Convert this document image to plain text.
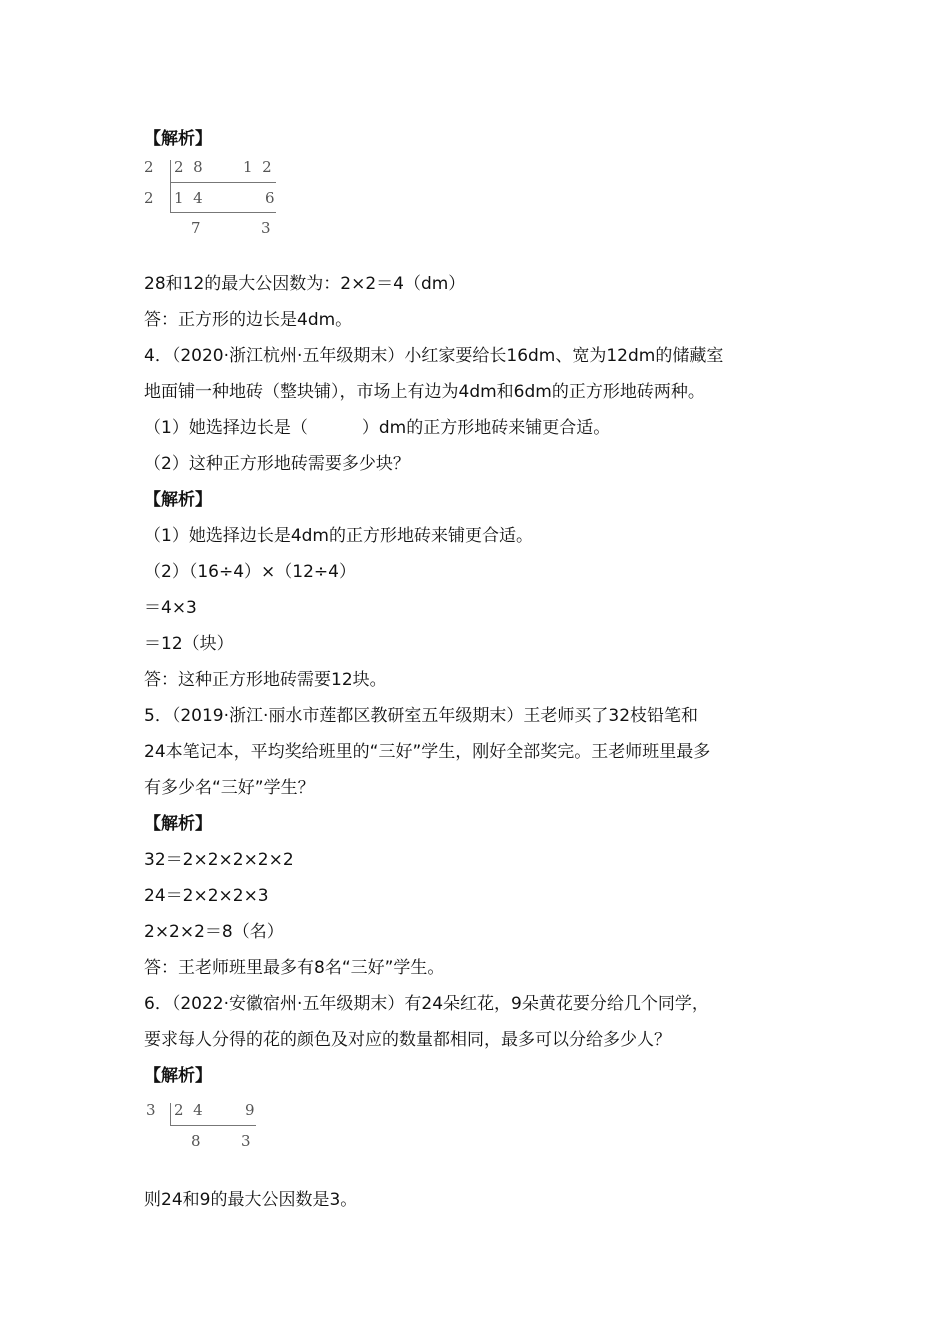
【解析】
2 2  8	1  2
2 1  4	6
7	3
28和12的最大公因数为：2×2＝4（dm）
答：正方形的边长是4dm。
4．（2020·浙江杭州·五年级期末）小红家要给长16dm、宽为12dm的储藏室
地面铺一种地砖（整块铺），市场上有边为4dm和6dm的正方形地砖两种。
（1）她选择边长是（          ）dm的正方形地砖来铺更合适。
（2）这种正方形地砖需要多少块？
【解析】
（1）她选择边长是4dm的正方形地砖来铺更合适。
（2）（16÷4）×（12÷4）
＝4×3
＝12（块）
答：这种正方形地砖需要12块。
5．（2019·浙江·丽水市莲都区教研室五年级期末）王老师买了32枝铅笔和
24本笔记本，平均奖给班里的“三好”学生，刚好全部奖完。王老师班里最多
有多少名“三好”学生？
【解析】
32＝2×2×2×2×2
24＝2×2×2×3
2×2×2＝8（名）
答：王老师班里最多有8名“三好”学生。
6．（2022·安徽宿州·五年级期末）有24朵红花，9朵黄花要分给几个同学，
要求每人分得的花的颜色及对应的数量都相同，最多可以分给多少人？
【解析】
3 2  4	9
8	3
则24和9的最大公因数是3。
